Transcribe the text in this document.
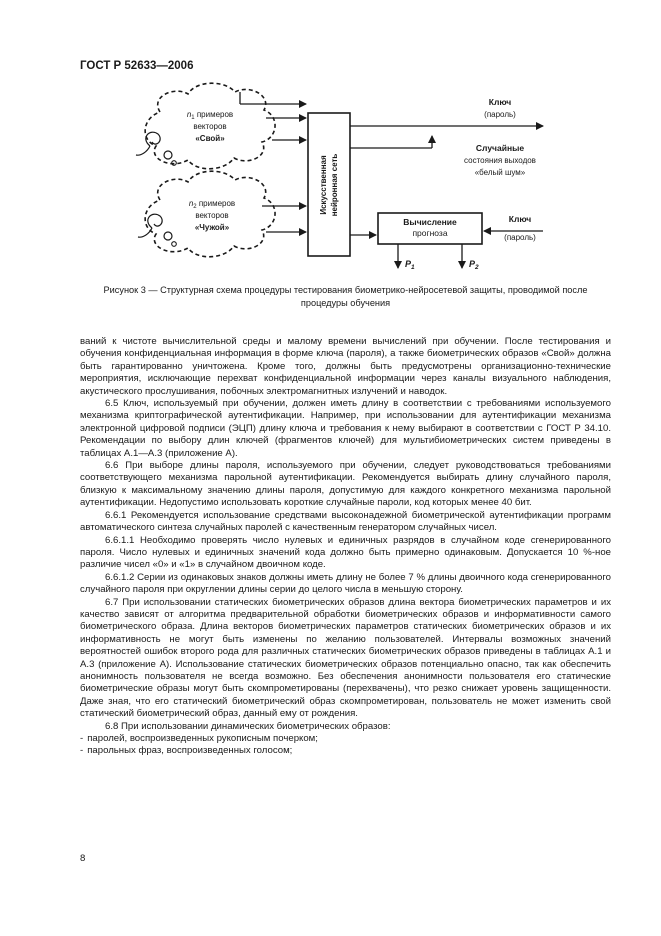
ГОСТ Р 52633—2006
$n_1$ примеров
векторов
«Свой»
$n_2$ примеров
векторов
«Чужой»
Искусственная нейронная сеть
Ключ
(пароль)
Случайные
состояния выходов
«белый шум»
Вычисление
прогноза
Ключ
(пароль)
$P_1$	$P_2$
Рисунок 3 — Структурная схема процедуры тестирования биометрико-нейросетевой защиты, проводимой после
процедуры обучения

ваний к чистоте вычислительной среды и малому времени вычислений при обучении. После тестирования и обучения конфиденциальная информация в форме ключа (пароля), а также биометрических образов «Свой» должна быть гарантированно уничтожена. Кроме того, должны быть предусмотрены организационно-технические мероприятия, исключающие перехват конфиденциальной информации через каналы визуального наблюдения, акустического прослушивания, побочных электромагнитных излучений и наводок.

6.5 Ключ, используемый при обучении, должен иметь длину в соответствии с требованиями используемого механизма криптографической аутентификации. Например, при использовании для аутентификации механизма электронной цифровой подписи (ЭЦП) длину ключа и требования к нему выбирают в соответствии с ГОСТ Р 34.10. Рекомендации по выбору длин ключей (фрагментов ключей) для мультибиометрических систем приведены в таблицах А.1—А.3 (приложение А).

6.6 При выборе длины пароля, используемого при обучении, следует руководствоваться требованиями соответствующего механизма парольной аутентификации. Рекомендуется выбирать длину случайного пароля, близкую к максимальному значению длины пароля, допустимую для каждого конкретного механизма парольной аутентификации. Недопустимо использовать короткие случайные пароли, код которых менее 40 бит.

6.6.1 Рекомендуется использование средствами высоконадежной биометрической аутентификации программ автоматического синтеза случайных паролей с качественным генератором случайных чисел.

6.6.1.1 Необходимо проверять число нулевых и единичных разрядов в случайном коде сгенерированного пароля. Число нулевых и единичных значений кода должно быть примерно одинаковым. Допускается 10 %-ное различие чисел «0» и «1» в случайном двоичном коде.

6.6.1.2 Серии из одинаковых знаков должны иметь длину не более 7 % длины двоичного кода сгенерированного случайного пароля при округлении длины серии до целого числа в меньшую сторону.

6.7 При использовании статических биометрических образов длина вектора биометрических параметров и их качество зависят от алгоритма предварительной обработки биометрических образов и информативности самого биометрического образа. Длина векторов биометрических параметров статических биометрических образов и их информативность не могут быть изменены по желанию пользователей. Интервалы возможных значений вероятностей ошибок второго рода для различных статических биометрических образов приведены в таблицах А.1 и А.3 (приложение А). Использование статических биометрических образов потенциально опасно, так как обеспечить анонимность пользователя не всегда возможно. Без обеспечения анонимности пользователя его статические биометрические образы могут быть скомпрометированы (перехвачены), что резко снижает уровень защищенности. Даже зная, что его статический биометрический образ скомпрометирован, пользователь не может изменить свой статический биометрический образ, данный ему от рождения.

6.8 При использовании динамических биометрических образов:

- паролей, воспроизведенных рукописным почерком;

- парольных фраз, воспроизведенных голосом;

8
